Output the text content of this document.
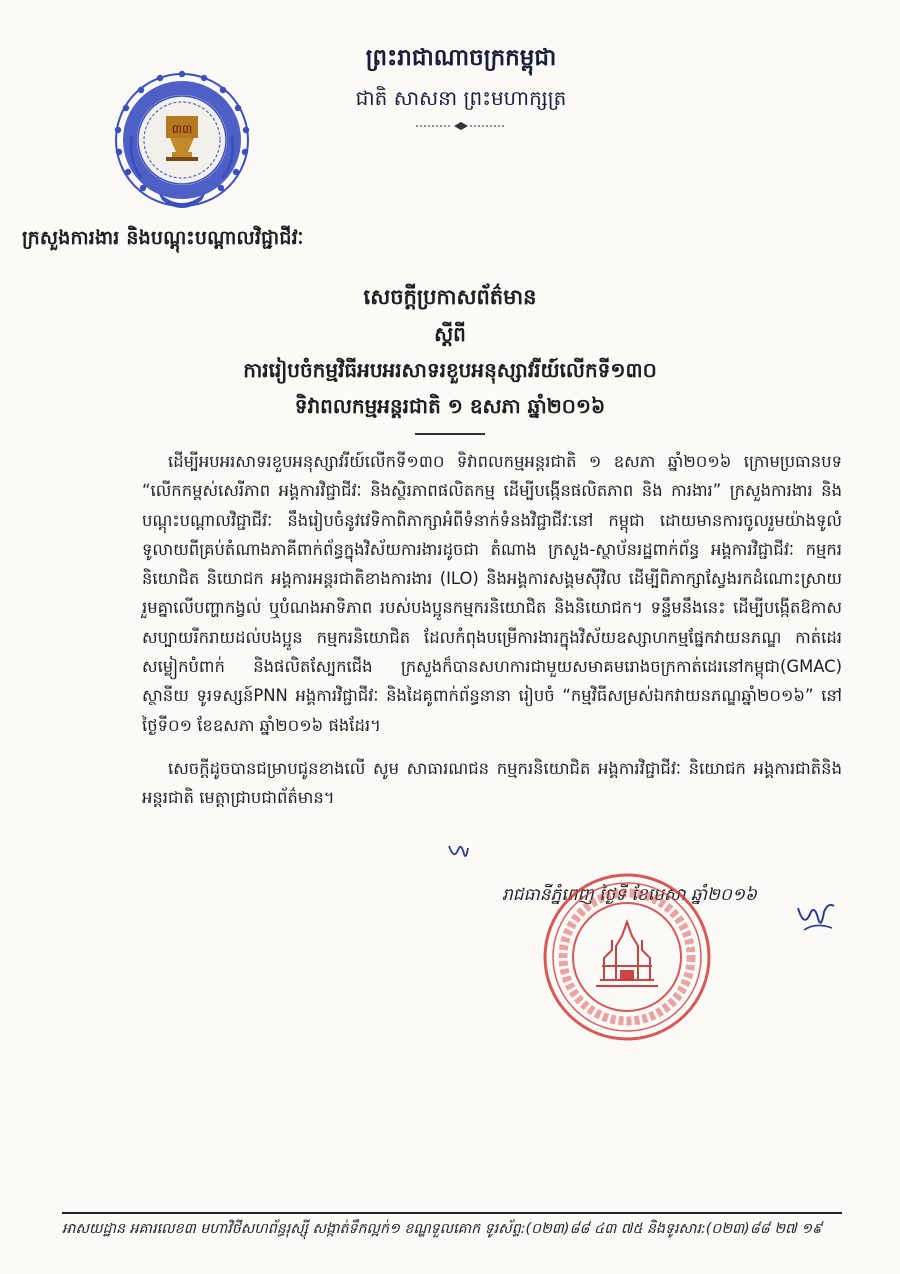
៣៣
ក្រសួងការងារ និងបណ្តុះបណ្តាលវិជ្ជាជីវៈ
ព្រះរាជាណាចក្រកម្ពុជា
ជាតិ សាសនា ព្រះមហាក្សត្រ
សេចក្តីប្រកាសព័ត៌មាន
ស្តីពី
ការរៀបចំកម្មវិធីអបអរសាទរខួបអនុស្សាវរីយ៍លើកទី១៣០
ទិវាពលកម្មអន្តរជាតិ ១ ឧសភា ឆ្នាំ២០១៦

ដើម្បីអបអរសាទរខួបអនុស្សាវរីយ៍លើកទី១៣០ ទិវាពលកម្មអន្តរជាតិ ១ ឧសភា ឆ្នាំ២០១៦ ក្រោមប្រធានបទ “លើកកម្ពស់សេរីភាព អង្គការវិជ្ជាជីវៈ និងស្ថិរភាពផលិតកម្ម ដើម្បីបង្កើនផលិតភាព និង ការងារ” ក្រសួងការងារ និងបណ្តុះបណ្តាលវិជ្ជាជីវៈ នឹងរៀបចំនូវវេទិកាពិភាក្សាអំពីទំនាក់ទំនងវិជ្ជាជីវៈនៅ កម្ពុជា ដោយមានការចូលរួមយ៉ាងទូលំទូលាយពីគ្រប់តំណាងភាគីពាក់ព័ន្ធក្នុងវិស័យការងារដូចជា តំណាង ក្រសួង-ស្ថាប័នរដ្ឋពាក់ព័ន្ធ អង្គការវិជ្ជាជីវៈ កម្មករនិយោជិត និយោជក អង្គការអន្តរជាតិខាងការងារ (ILO) និងអង្គការសង្គមស៊ីវិល ដើម្បីពិភាក្សាស្វែងរកដំណោះស្រាយរួមគ្នាលើបញ្ហាកង្វល់ ឬបំណងអាទិភាព របស់បងប្អូនកម្មករនិយោជិត និងនិយោជក។ ទន្ទឹមនឹងនេះ ដើម្បីបង្កើតឱកាសសប្បាយរីករាយដល់បងប្អូន កម្មករនិយោជិត ដែលកំពុងបម្រើការងារក្នុងវិស័យឧស្សាហកម្មផ្នែកវាយនភណ្ឌ កាត់ដេរសម្លៀកបំពាក់ និងផលិតស្បែកជើង ក្រសួងក៏បានសហការជាមួយសមាគមរោងចក្រកាត់ដេរនៅកម្ពុជា(GMAC) ស្ថានីយ ទូរទស្សន៍PNN អង្គការវិជ្ជាជីវៈ និងដៃគូពាក់ព័ន្ធនានា រៀបចំ “កម្មវិធីសម្រស់ឯកវាយនភណ្ឌឆ្នាំ២០១៦” នៅថ្ងៃទី០១ ខែឧសភា ឆ្នាំ២០១៦ ផងដែរ។

សេចក្តីដូចបានជម្រាបជូនខាងលើ សូម សាធារណជន កម្មករនិយោជិត អង្គការវិជ្ជាជីវៈ និយោជក អង្គការជាតិនិងអន្តរជាតិ មេត្តាជ្រាបជាព័ត៌មាន។

រាជធានីភ្នំពេញ ថ្ងៃទី ខែមេសា ឆ្នាំ២០១៦
អាសយដ្ឋាន អគារលេខ៣ មហាវិថីសហព័ន្ធរុស្ស៊ី សង្កាត់ទឹកល្អក់១ ខណ្ឌទួលគោក ទូរស័ព្ទ:(០២៣)៨៨ ៤៣ ៧៥ និងទូរសារ:(០២៣)៨៨ ២៧ ១៩
